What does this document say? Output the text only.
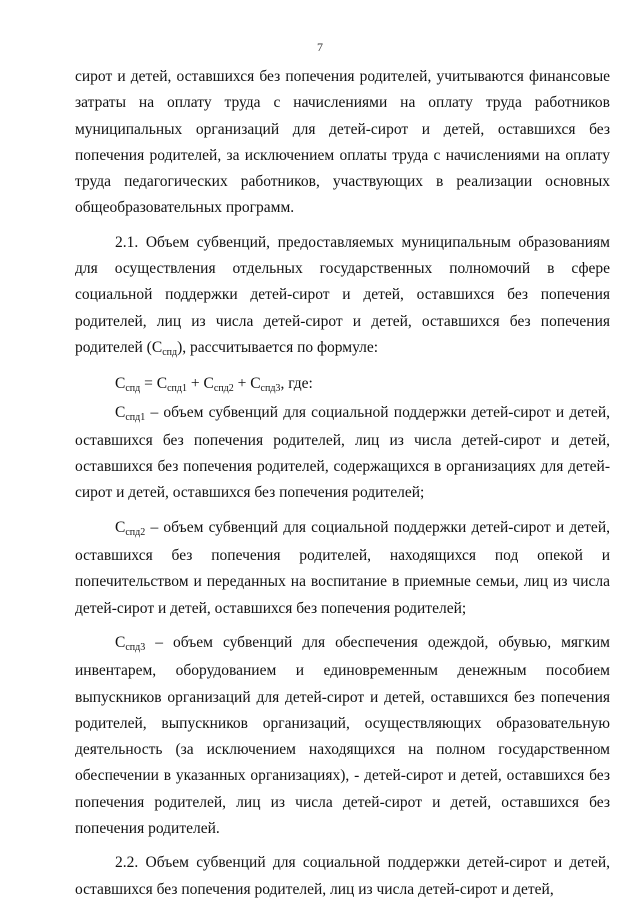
7

сирот и детей, оставшихся без попечения родителей, учитываются финансовые затраты на оплату труда с начислениями на оплату труда работников муниципальных организаций для детей-сирот и детей, оставшихся без попечения родителей, за исключением оплаты труда с начислениями на оплату труда педагогических работников, участвующих в реализации основных общеобразовательных программ.

2.1. Объем субвенций, предоставляемых муниципальным образованиям для осуществления отдельных государственных полномочий в сфере социальной поддержки детей-сирот и детей, оставшихся без попечения родителей, лиц из числа детей-сирот и детей, оставшихся без попечения родителей (Сспд), рассчитывается по формуле:

Сспд = Сспд1 + Сспд2 + Сспд3, где:

Сспд1 – объем субвенций для социальной поддержки детей-сирот и детей, оставшихся без попечения родителей, лиц из числа детей-сирот и детей, оставшихся без попечения родителей, содержащихся в организациях для детей-сирот и детей, оставшихся без попечения родителей;

Сспд2 – объем субвенций для социальной поддержки детей-сирот и детей, оставшихся без попечения родителей, находящихся под опекой и попечительством и переданных на воспитание в приемные семьи, лиц из числа детей-сирот и детей, оставшихся без попечения родителей;

Сспд3 – объем субвенций для обеспечения одеждой, обувью, мягким инвентарем, оборудованием и единовременным денежным пособием выпускников организаций для детей-сирот и детей, оставшихся без попечения родителей, выпускников организаций, осуществляющих образовательную деятельность (за исключением находящихся на полном государственном обеспечении в указанных организациях), - детей-сирот и детей, оставшихся без попечения родителей, лиц из числа детей-сирот и детей, оставшихся без попечения родителей.

2.2. Объем субвенций для социальной поддержки детей-сирот и детей, оставшихся без попечения родителей, лиц из числа детей-сирот и детей,
